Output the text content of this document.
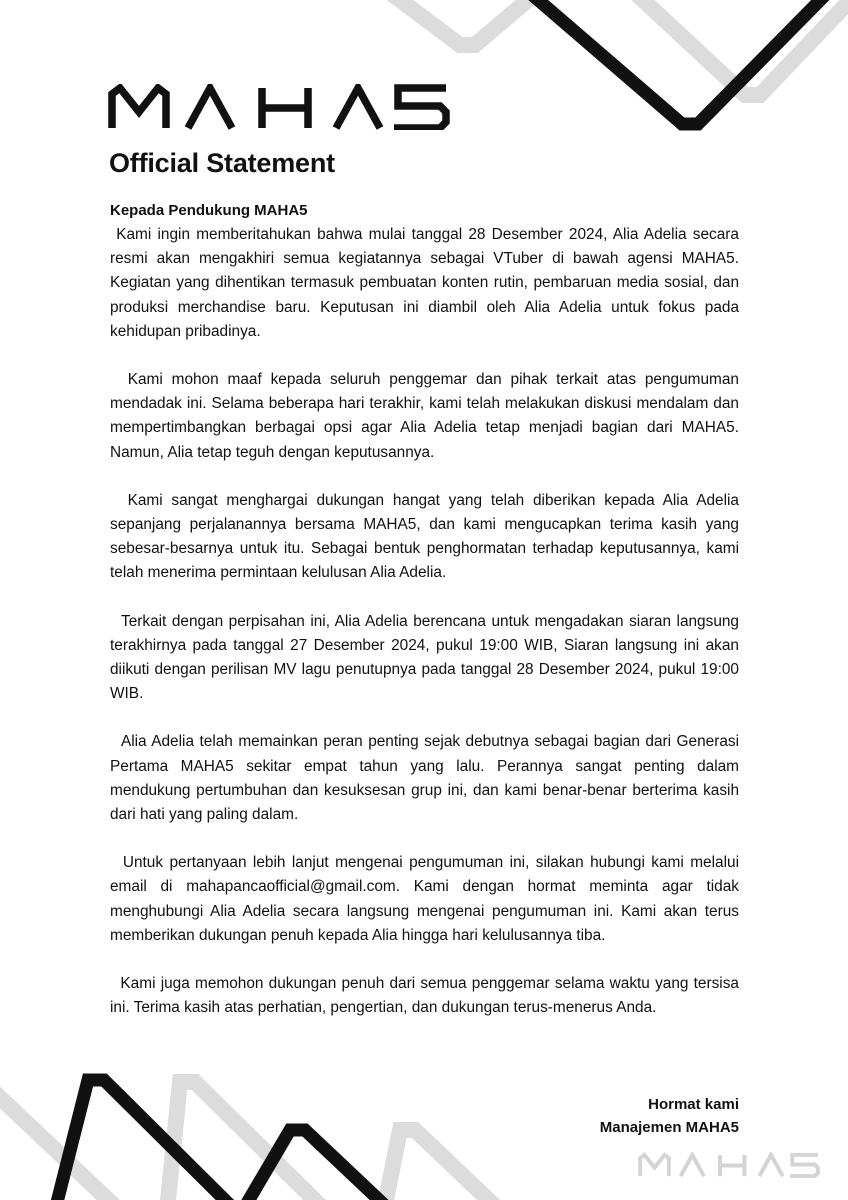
Official Statement
Kepada Pendukung MAHA5

Kami ingin memberitahukan bahwa mulai tanggal 28 Desember 2024, Alia Adelia secara resmi akan mengakhiri semua kegiatannya sebagai VTuber di bawah agensi MAHA5. Kegiatan yang dihentikan termasuk pembuatan konten rutin, pembaruan media sosial, dan produksi merchandise baru. Keputusan ini diambil oleh Alia Adelia untuk fokus pada kehidupan pribadinya.

Kami mohon maaf kepada seluruh penggemar dan pihak terkait atas pengumuman mendadak ini. Selama beberapa hari terakhir, kami telah melakukan diskusi mendalam dan mempertimbangkan berbagai opsi agar Alia Adelia tetap menjadi bagian dari MAHA5. Namun, Alia tetap teguh dengan keputusannya.

Kami sangat menghargai dukungan hangat yang telah diberikan kepada Alia Adelia sepanjang perjalanannya bersama MAHA5, dan kami mengucapkan terima kasih yang sebesar-besarnya untuk itu. Sebagai bentuk penghormatan terhadap keputusannya, kami telah menerima permintaan kelulusan Alia Adelia.

Terkait dengan perpisahan ini, Alia Adelia berencana untuk mengadakan siaran langsung terakhirnya pada tanggal 27 Desember 2024, pukul 19:00 WIB, Siaran langsung ini akan diikuti dengan perilisan MV lagu penutupnya pada tanggal 28 Desember 2024, pukul 19:00 WIB.

Alia Adelia telah memainkan peran penting sejak debutnya sebagai bagian dari Generasi Pertama MAHA5 sekitar empat tahun yang lalu. Perannya sangat penting dalam mendukung pertumbuhan dan kesuksesan grup ini, dan kami benar-benar berterima kasih dari hati yang paling dalam.

Untuk pertanyaan lebih lanjut mengenai pengumuman ini, silakan hubungi kami melalui email di mahapancaofficial@gmail.com. Kami dengan hormat meminta agar tidak menghubungi Alia Adelia secara langsung mengenai pengumuman ini. Kami akan terus memberikan dukungan penuh kepada Alia hingga hari kelulusannya tiba.

Kami juga memohon dukungan penuh dari semua penggemar selama waktu yang tersisa ini. Terima kasih atas perhatian, pengertian, dan dukungan terus-menerus Anda.

Hormat kami
Manajemen MAHA5
